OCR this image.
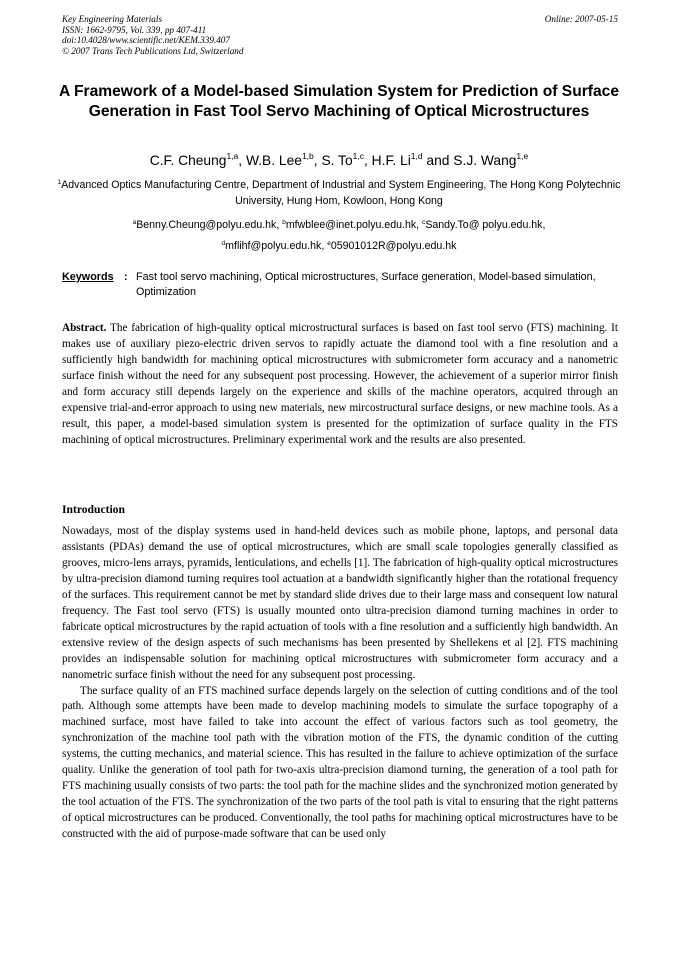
Key Engineering Materials
ISSN: 1662-9795, Vol. 339, pp 407-411
doi:10.4028/www.scientific.net/KEM.339.407
© 2007 Trans Tech Publications Ltd, Switzerland
Online: 2007-05-15
A Framework of a Model-based Simulation System for Prediction of Surface Generation in Fast Tool Servo Machining of Optical Microstructures
C.F. Cheung$^{1,a}$, W.B. Lee$^{1,b}$, S. To$^{1,c}$, H.F. Li$^{1,d}$ and S.J. Wang$^{1,e}$
$^1$Advanced Optics Manufacturing Centre, Department of Industrial and System Engineering, The Hong Kong Polytechnic University, Hung Hom, Kowloon, Hong Kong
$^a$Benny.Cheung@polyu.edu.hk, $^b$mfwblee@inet.polyu.edu.hk, $^c$Sandy.To@ polyu.edu.hk,
$^d$mflihf@polyu.edu.hk, $^e$05901012R@polyu.edu.hk
Keywords : Fast tool servo machining, Optical microstructures, Surface generation, Model-based simulation, Optimization

Abstract. The fabrication of high-quality optical microstructural surfaces is based on fast tool servo (FTS) machining. It makes use of auxiliary piezo-electric driven servos to rapidly actuate the diamond tool with a fine resolution and a sufficiently high bandwidth for machining optical microstructures with submicrometer form accuracy and a nanometric surface finish without the need for any subsequent post processing. However, the achievement of a superior mirror finish and form accuracy still depends largely on the experience and skills of the machine operators, acquired through an expensive trial-and-error approach to using new materials, new mircostructural surface designs, or new machine tools. As a result, this paper, a model-based simulation system is presented for the optimization of surface quality in the FTS machining of optical microstructures. Preliminary experimental work and the results are also presented.

Introduction

Nowadays, most of the display systems used in hand-held devices such as mobile phone, laptops, and personal data assistants (PDAs) demand the use of optical microstructures, which are small scale topologies generally classified as grooves, micro-lens arrays, pyramids, lenticulations, and echells [1]. The fabrication of high-quality optical microstructures by ultra-precision diamond turning requires tool actuation at a bandwidth significantly higher than the rotational frequency of the surfaces. This requirement cannot be met by standard slide drives due to their large mass and consequent low natural frequency. The Fast tool servo (FTS) is usually mounted onto ultra-precision diamond turning machines in order to fabricate optical microstructures by the rapid actuation of tools with a fine resolution and a sufficiently high bandwidth. An extensive review of the design aspects of such mechanisms has been presented by Shellekens et al [2]. FTS machining provides an indispensable solution for machining optical microstructures with submicrometer form accuracy and a nanometric surface finish without the need for any subsequent post processing.

The surface quality of an FTS machined surface depends largely on the selection of cutting conditions and of the tool path. Although some attempts have been made to develop machining models to simulate the surface topography of a machined surface, most have failed to take into account the effect of various factors such as tool geometry, the synchronization of the machine tool path with the vibration motion of the FTS, the dynamic condition of the cutting systems, the cutting mechanics, and material science. This has resulted in the failure to achieve optimization of the surface quality. Unlike the generation of tool path for two-axis ultra-precision diamond turning, the generation of a tool path for FTS machining usually consists of two parts: the tool path for the machine slides and the synchronized motion generated by the tool actuation of the FTS. The synchronization of the two parts of the tool path is vital to ensuring that the right patterns of optical microstructures can be produced. Conventionally, the tool paths for machining optical microstructures have to be constructed with the aid of purpose-made software that can be used only
